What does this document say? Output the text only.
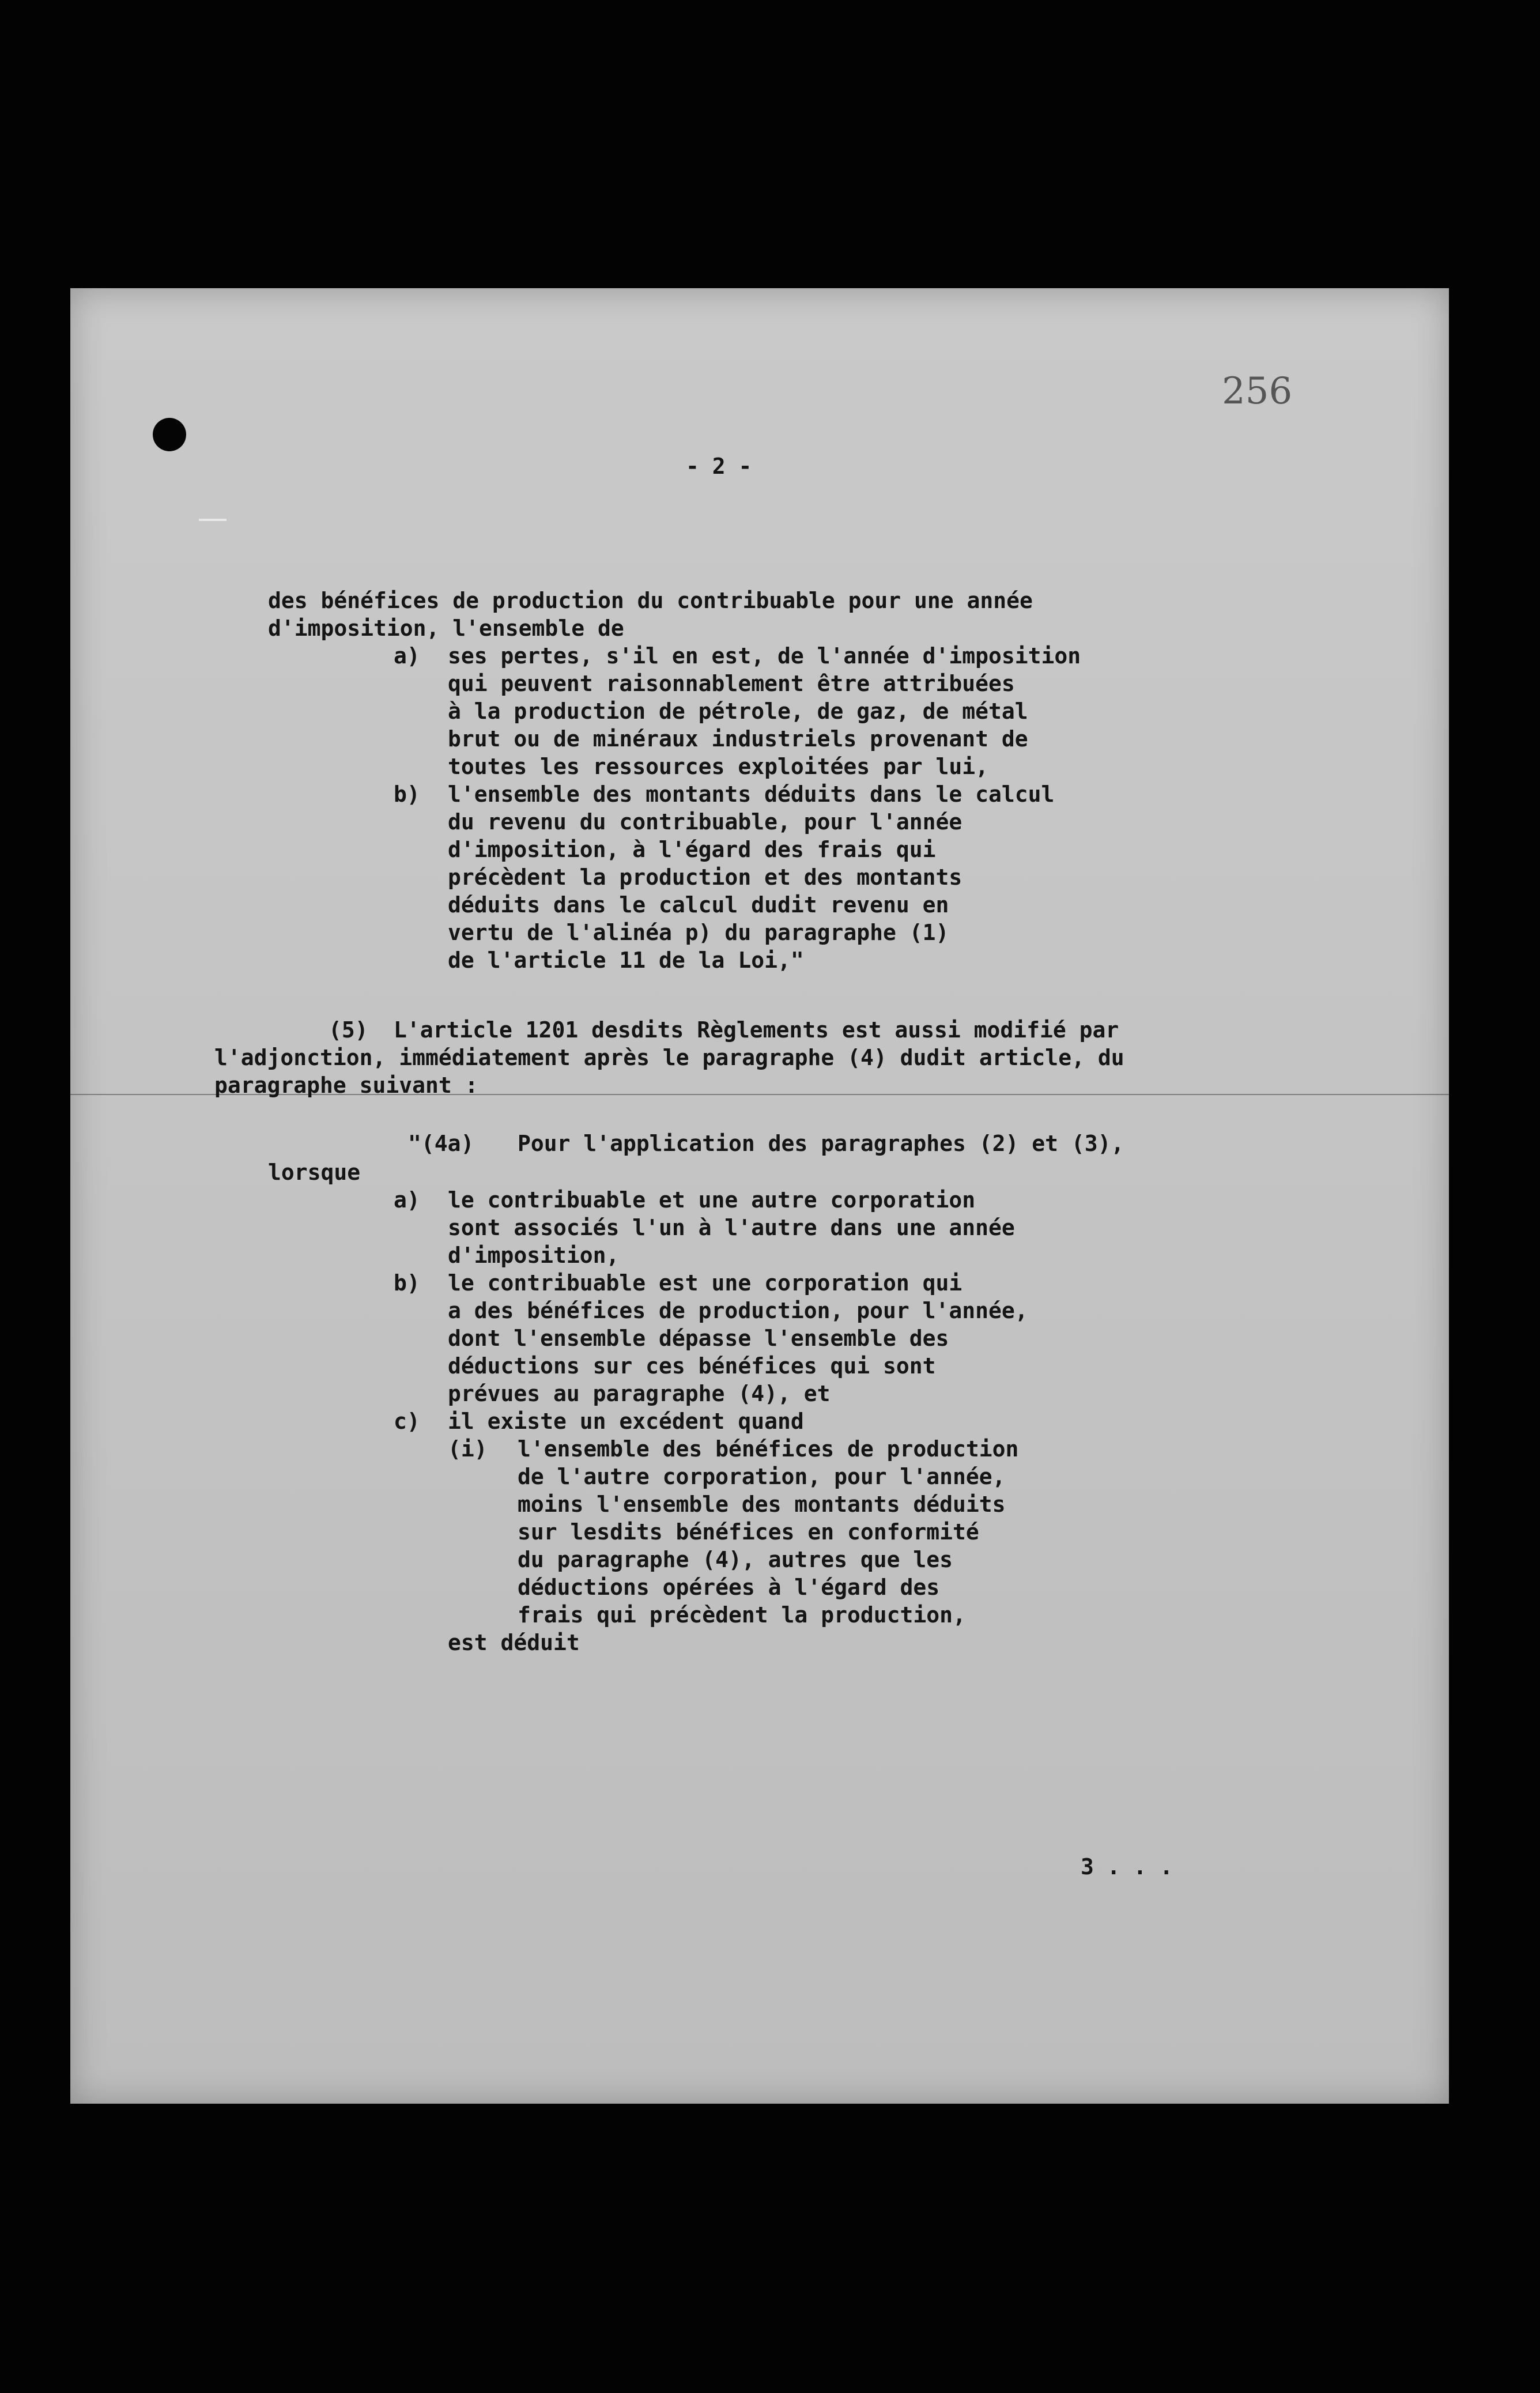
256
- 2 -

des bénéfices de production du contribuable pour une année

d'imposition, l'ensemble de

a)

ses pertes, s'il en est, de l'année d'imposition

qui peuvent raisonnablement être attribuées

à la production de pétrole, de gaz, de métal

brut ou de minéraux industriels provenant de

toutes les ressources exploitées par lui,

b)

l'ensemble des montants déduits dans le calcul

du revenu du contribuable, pour l'année

d'imposition, à l'égard des frais qui

précèdent la production et des montants

déduits dans le calcul dudit revenu en

vertu de l'alinéa p) du paragraphe (1)

de l'article 11 de la Loi,"

(5)

L'article 1201 desdits Règlements est aussi modifié par

l'adjonction, immédiatement après le paragraphe (4) dudit article, du

paragraphe suivant :

"(4a)

Pour l'application des paragraphes (2) et (3),

lorsque

a)

le contribuable et une autre corporation

sont associés l'un à l'autre dans une année

d'imposition,

b)

le contribuable est une corporation qui

a des bénéfices de production, pour l'année,

dont l'ensemble dépasse l'ensemble des

déductions sur ces bénéfices qui sont

prévues au paragraphe (4), et

c)

il existe un excédent quand

(i)

l'ensemble des bénéfices de production

de l'autre corporation, pour l'année,

moins l'ensemble des montants déduits

sur lesdits bénéfices en conformité

du paragraphe (4), autres que les

déductions opérées à l'égard des

frais qui précèdent la production,

est déduit

3 . . .
